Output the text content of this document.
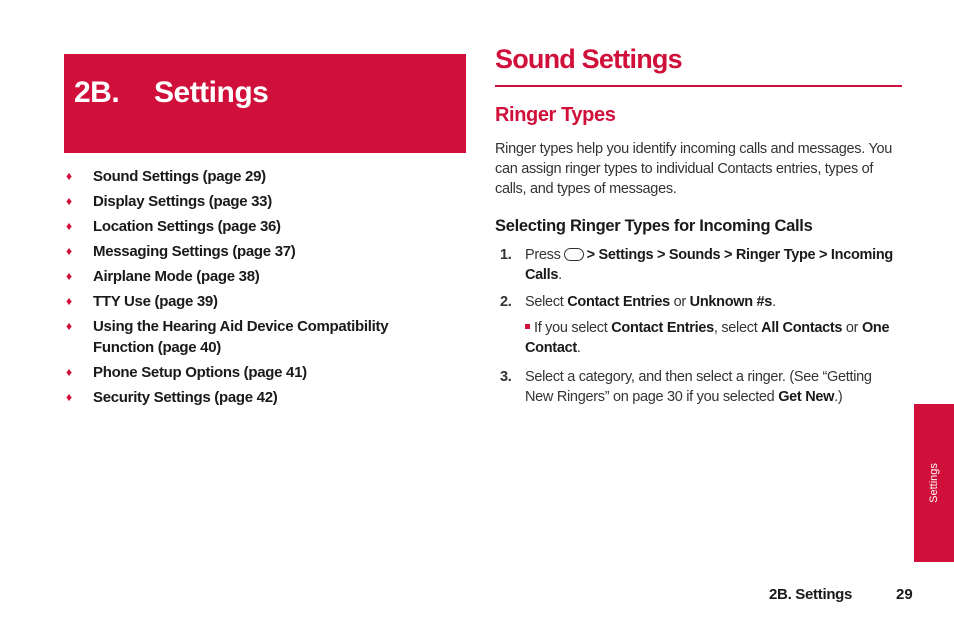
2B. Settings
♦	Sound Settings (page 29)
♦	Display Settings (page 33)
♦	Location Settings (page 36)
♦	Messaging Settings (page 37)
♦	Airplane Mode (page 38)
♦	TTY Use (page 39)
♦	Using the Hearing Aid Device Compatibility Function (page 40)
♦	Phone Setup Options (page 41)
♦	Security Settings (page 42)
Sound Settings
Ringer Types

Ringer types help you identify incoming calls and messages. You can assign ringer types to individual Contacts entries, types of calls, and types of messages.

Selecting Ringer Types for Incoming Calls
1. Press > Settings > Sounds > Ringer Type > Incoming Calls.
2. Select Contact Entries or Unknown #s.
If you select Contact Entries, select All Contacts or One Contact.
3. Select a category, and then select a ringer. (See “Getting New Ringers” on page 30 if you selected Get New.)
Settings
2B. Settings	29
